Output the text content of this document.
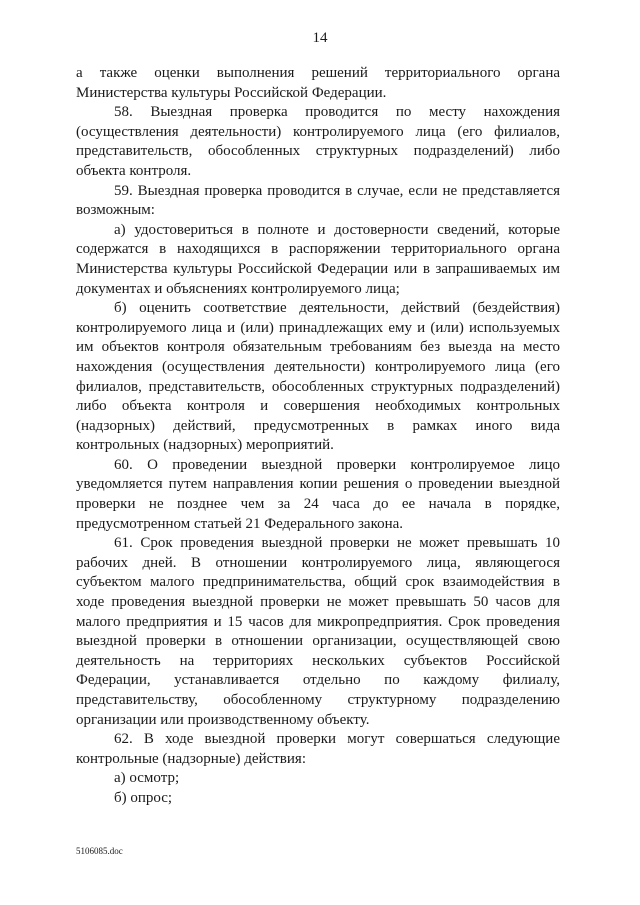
14

а также оценки выполнения решений территориального органа Министерства культуры Российской Федерации.

58. Выездная проверка проводится по месту нахождения (осуществления деятельности) контролируемого лица (его филиалов, представительств, обособленных структурных подразделений) либо объекта контроля.

59. Выездная проверка проводится в случае, если не представляется возможным:

а) удостовериться в полноте и достоверности сведений, которые содержатся в находящихся в распоряжении территориального органа Министерства культуры Российской Федерации или в запрашиваемых им документах и объяснениях контролируемого лица;

б) оценить соответствие деятельности, действий (бездействия) контролируемого лица и (или) принадлежащих ему и (или) используемых им объектов контроля обязательным требованиям без выезда на место нахождения (осуществления деятельности) контролируемого лица (его филиалов, представительств, обособленных структурных подразделений) либо объекта контроля и совершения необходимых контрольных (надзорных) действий, предусмотренных в рамках иного вида контрольных (надзорных) мероприятий.

60. О проведении выездной проверки контролируемое лицо уведомляется путем направления копии решения о проведении выездной проверки не позднее чем за 24 часа до ее начала в порядке, предусмотренном статьей 21 Федерального закона.

61. Срок проведения выездной проверки не может превышать 10 рабочих дней. В отношении контролируемого лица, являющегося субъектом малого предпринимательства, общий срок взаимодействия в ходе проведения выездной проверки не может превышать 50 часов для малого предприятия и 15 часов для микропредприятия. Срок проведения выездной проверки в отношении организации, осуществляющей свою деятельность на территориях нескольких субъектов Российской Федерации, устанавливается отдельно по каждому филиалу, представительству, обособленному структурному подразделению организации или производственному объекту.

62. В ходе выездной проверки могут совершаться следующие контрольные (надзорные) действия:

а) осмотр;

б) опрос;

5106085.doc
